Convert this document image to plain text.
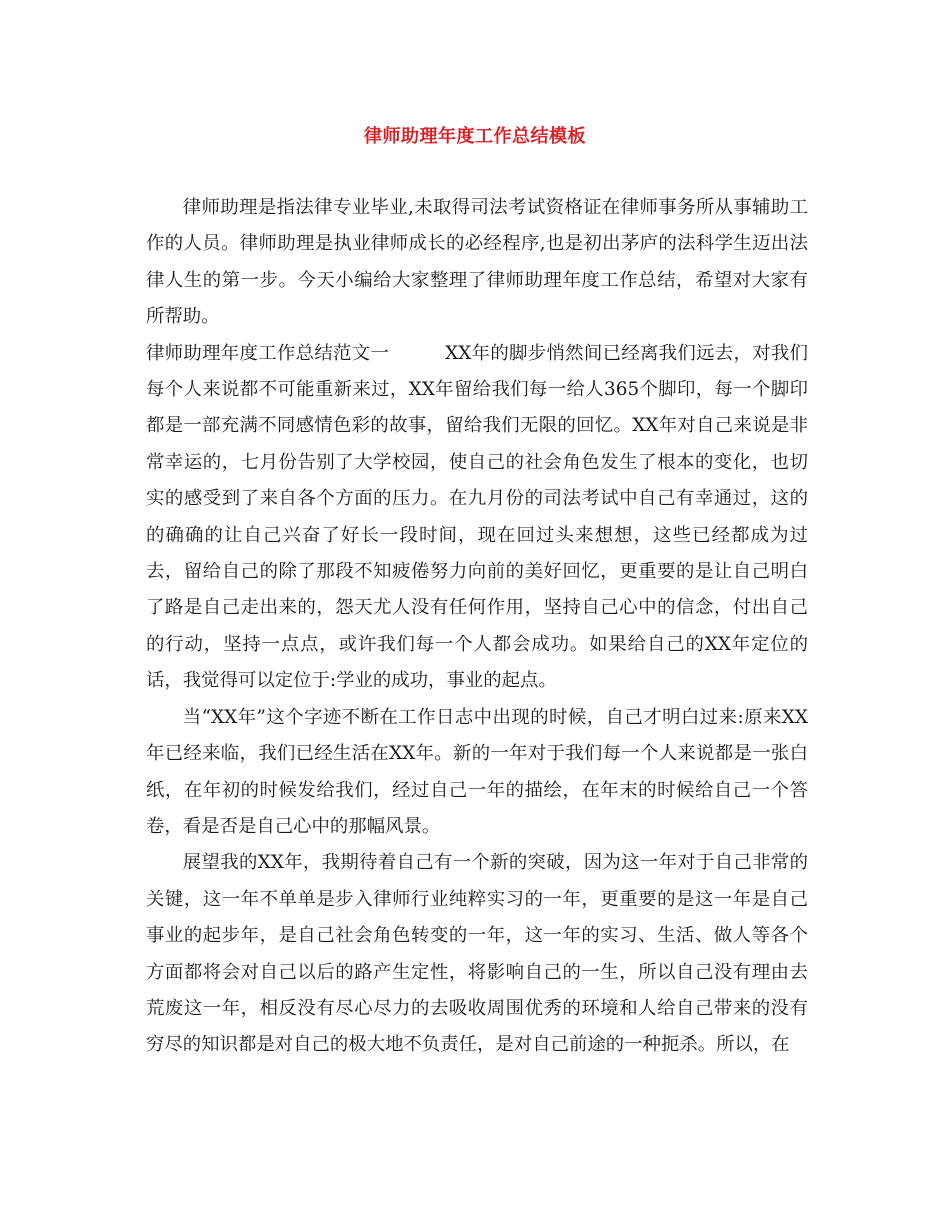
律师助理年度工作总结模板

律师助理是指法律专业毕业,未取得司法考试资格证在律师事务所从事辅助工作的人员。律师助理是执业律师成长的必经程序,也是初出茅庐的法科学生迈出法律人生的第一步。今天小编给大家整理了律师助理年度工作总结，希望对大家有所帮助。

律师助理年度工作总结范文一	XX年的脚步悄然间已经离我们远去，对我们每个人来说都不可能重新来过，XX年留给我们每一给人365个脚印，每一个脚印都是一部充满不同感情色彩的故事，留给我们无限的回忆。XX年对自己来说是非常幸运的，七月份告别了大学校园，使自己的社会角色发生了根本的变化，也切实的感受到了来自各个方面的压力。在九月份的司法考试中自己有幸通过，这的的确确的让自己兴奋了好长一段时间，现在回过头来想想，这些已经都成为过去，留给自己的除了那段不知疲倦努力向前的美好回忆，更重要的是让自己明白了路是自己走出来的，怨天尤人没有任何作用，坚持自己心中的信念，付出自己的行动，坚持一点点，或许我们每一个人都会成功。如果给自己的XX年定位的话，我觉得可以定位于:学业的成功，事业的起点。

当“XX年”这个字迹不断在工作日志中出现的时候，自己才明白过来:原来XX年已经来临，我们已经生活在XX年。新的一年对于我们每一个人来说都是一张白纸，在年初的时候发给我们，经过自己一年的描绘，在年末的时候给自己一个答卷，看是否是自己心中的那幅风景。

展望我的XX年，我期待着自己有一个新的突破，因为这一年对于自己非常的关键，这一年不单单是步入律师行业纯粹实习的一年，更重要的是这一年是自己事业的起步年，是自己社会角色转变的一年，这一年的实习、生活、做人等各个方面都将会对自己以后的路产生定性，将影响自己的一生，所以自己没有理由去荒废这一年，相反没有尽心尽力的去吸收周围优秀的环境和人给自己带来的没有穷尽的知识都是对自己的极大地不负责任，是对自己前途的一种扼杀。所以，在
